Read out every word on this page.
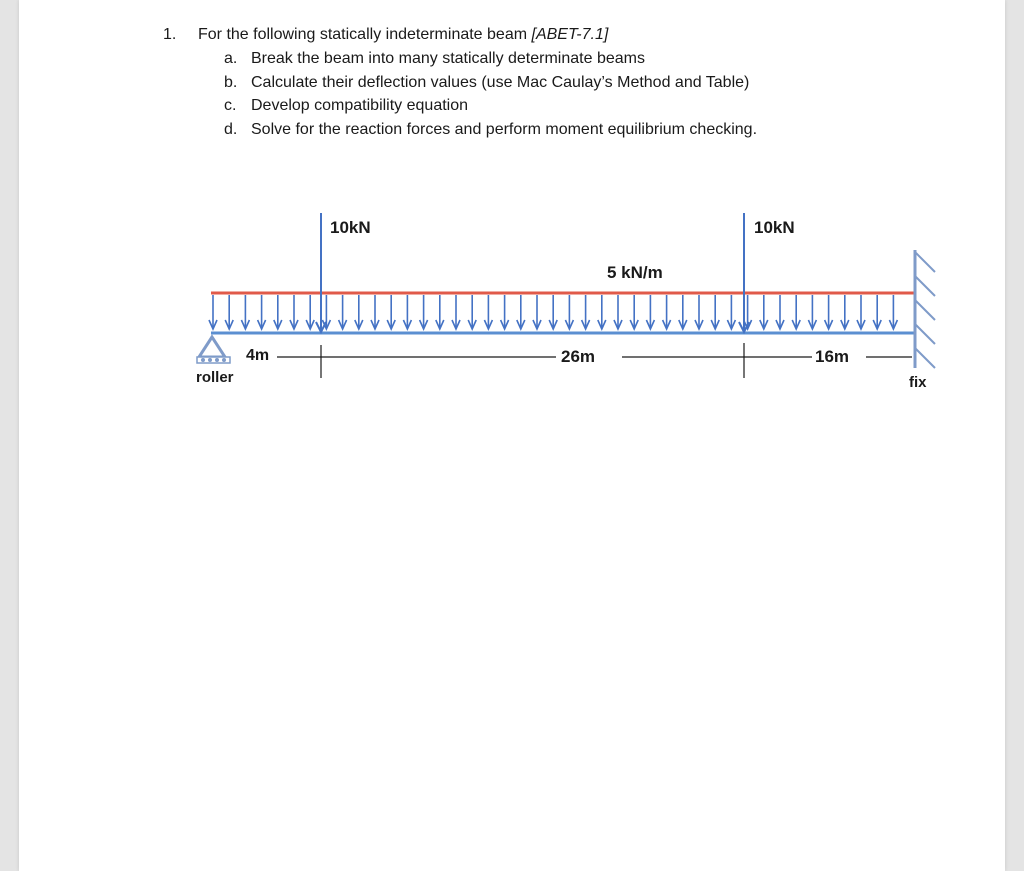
1. For the following statically indeterminate beam [ABET-7.1]
a. Break the beam into many statically determinate beams
b. Calculate their deflection values (use Mac Caulay’s Method and Table)
c. Develop compatibility equation
d. Solve for the reaction forces and perform moment equilibrium checking.
10kN	10kN
5 kN/m
4m	26m	16m
roller	fix
